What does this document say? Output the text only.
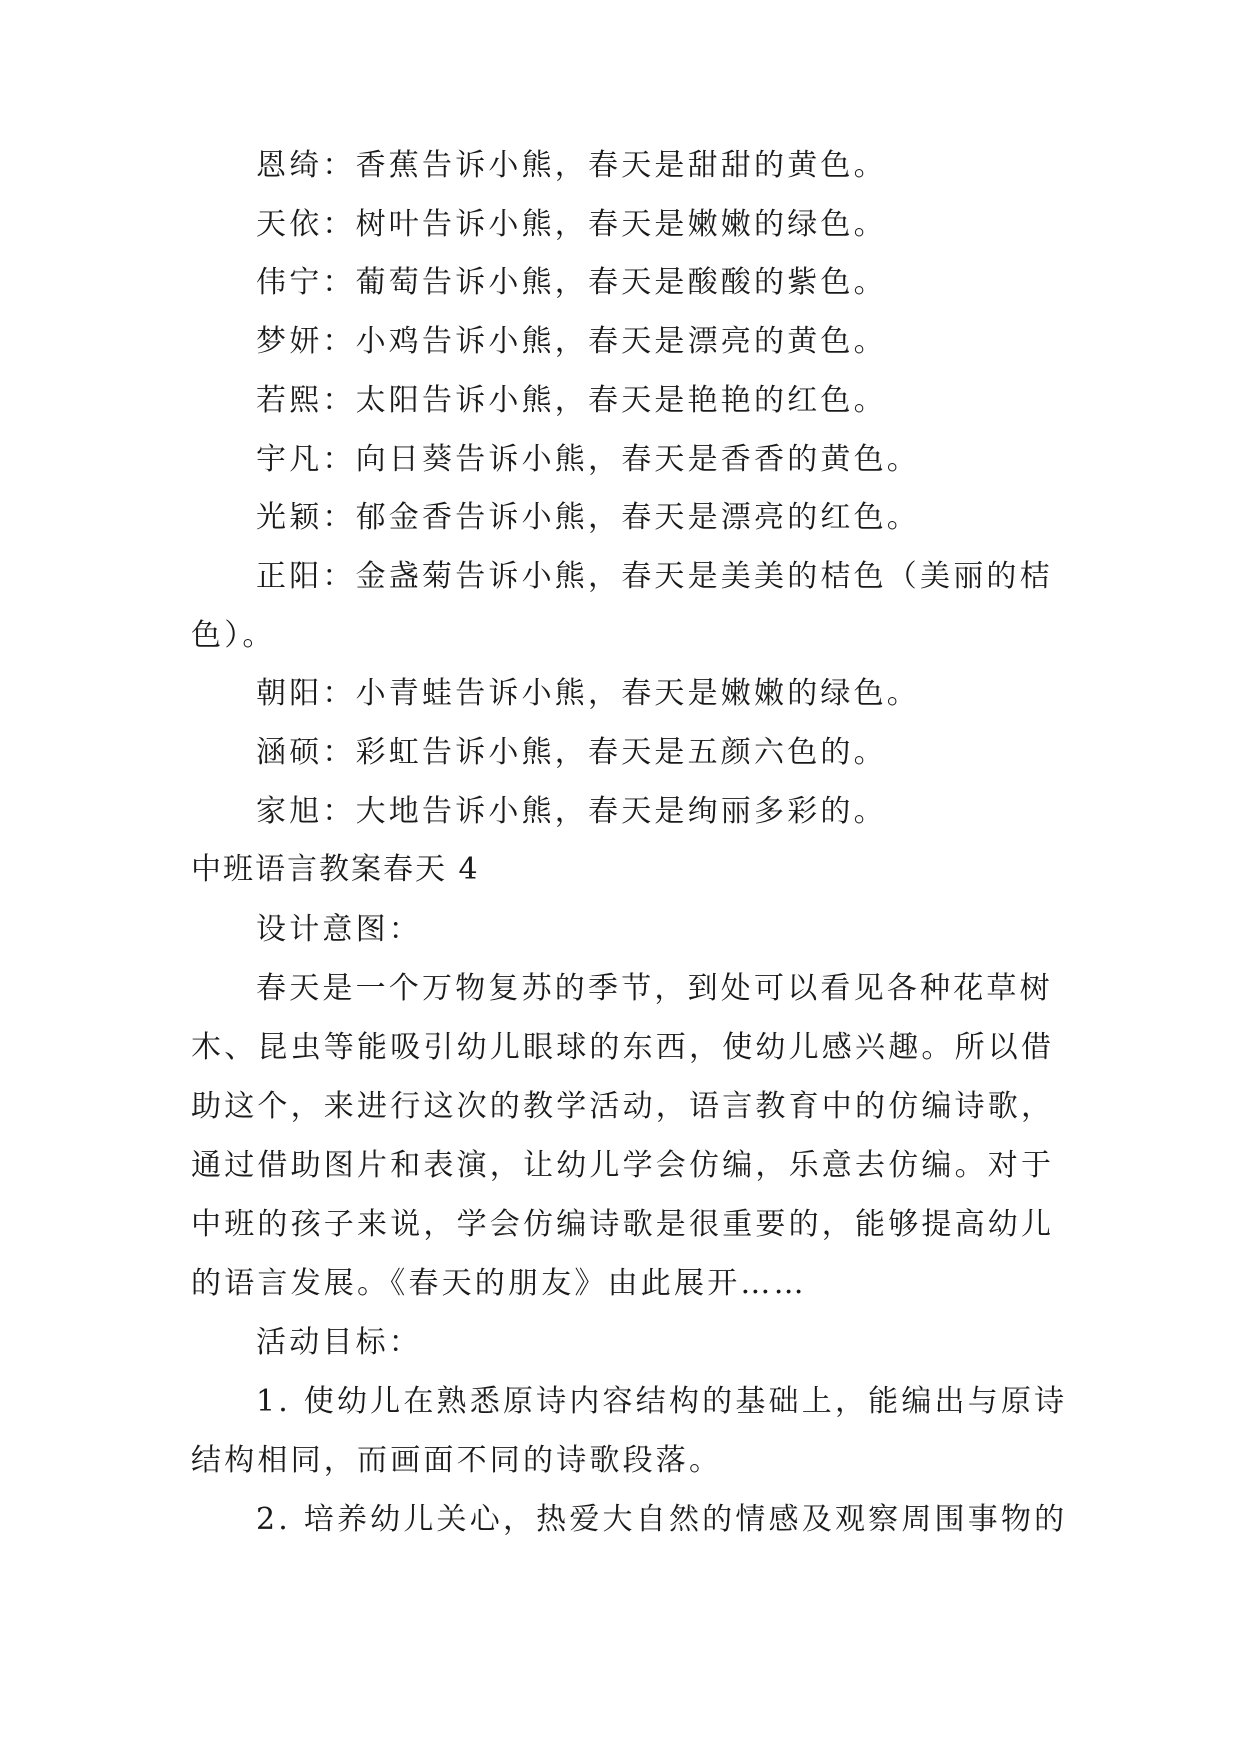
恩绮：香蕉告诉小熊，春天是甜甜的黄色。
天依：树叶告诉小熊，春天是嫩嫩的绿色。
伟宁：葡萄告诉小熊，春天是酸酸的紫色。
梦妍：小鸡告诉小熊，春天是漂亮的黄色。
若熙：太阳告诉小熊，春天是艳艳的红色。
宇凡：向日葵告诉小熊，春天是香香的黄色。
光颖：郁金香告诉小熊，春天是漂亮的红色。
正阳：金盏菊告诉小熊，春天是美美的桔色（美丽的桔
色）。
朝阳：小青蛙告诉小熊，春天是嫩嫩的绿色。
涵硕：彩虹告诉小熊，春天是五颜六色的。
家旭：大地告诉小熊，春天是绚丽多彩的。
中班语言教案春天 4
设计意图：
春天是一个万物复苏的季节，到处可以看见各种花草树
木、昆虫等能吸引幼儿眼球的东西，使幼儿感兴趣。所以借
助这个，来进行这次的教学活动，语言教育中的仿编诗歌，
通过借助图片和表演，让幼儿学会仿编，乐意去仿编。对于
中班的孩子来说，学会仿编诗歌是很重要的，能够提高幼儿
的语言发展。《春天的朋友》由此展开……
活动目标：
1. 使幼儿在熟悉原诗内容结构的基础上，能编出与原诗
结构相同，而画面不同的诗歌段落。
2. 培养幼儿关心，热爱大自然的情感及观察周围事物的
